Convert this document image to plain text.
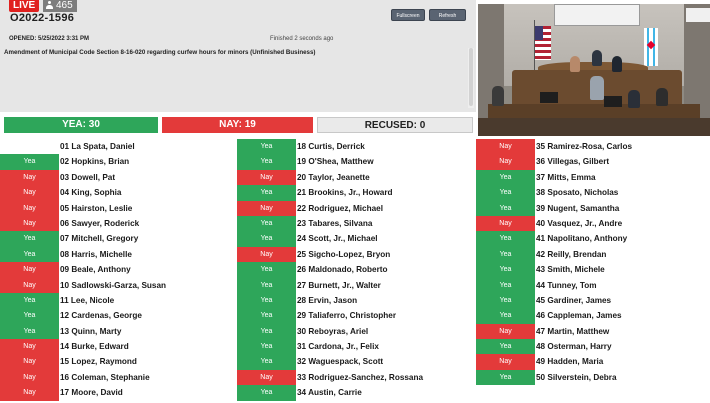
LIVE	465
O2022-1596
OPENED: 5/25/2022 3:31 PM	Finished 2 seconds ago
Fullscreen	Refresh
Amendment of Municipal Code Section 8-16-020 regarding curfew hours for minors (Unfinished Business)
YEA: 30	NAY: 19	RECUSED: 0
01 La Spata, Daniel
Yea	02 Hopkins, Brian
Nay	03 Dowell, Pat
Nay	04 King, Sophia
Nay	05 Hairston, Leslie
Nay	06 Sawyer, Roderick
Yea	07 Mitchell, Gregory
Yea	08 Harris, Michelle
Nay	09 Beale, Anthony
Nay	10 Sadlowski-Garza, Susan
Yea	11 Lee, Nicole
Yea	12 Cardenas, George
Yea	13 Quinn, Marty
Nay	14 Burke, Edward
Nay	15 Lopez, Raymond
Nay	16 Coleman, Stephanie
Nay	17 Moore, David
Yea	18 Curtis, Derrick
Yea	19 O'Shea, Matthew
Nay	20 Taylor, Jeanette
Yea	21 Brookins, Jr., Howard
Nay	22 Rodriguez, Michael
Yea	23 Tabares, Silvana
Yea	24 Scott, Jr., Michael
Nay	25 Sigcho-Lopez, Bryon
Yea	26 Maldonado, Roberto
Yea	27 Burnett, Jr., Walter
Yea	28 Ervin, Jason
Yea	29 Taliaferro, Christopher
Yea	30 Reboyras, Ariel
Yea	31 Cardona, Jr., Felix
Yea	32 Waguespack, Scott
Nay	33 Rodriguez-Sanchez, Rossana
Yea	34 Austin, Carrie
Nay	35 Ramirez-Rosa, Carlos
Nay	36 Villegas, Gilbert
Yea	37 Mitts, Emma
Yea	38 Sposato, Nicholas
Yea	39 Nugent, Samantha
Nay	40 Vasquez, Jr., Andre
Yea	41 Napolitano, Anthony
Yea	42 Reilly, Brendan
Yea	43 Smith, Michele
Yea	44 Tunney, Tom
Yea	45 Gardiner, James
Yea	46 Cappleman, James
Nay	47 Martin, Matthew
Yea	48 Osterman, Harry
Nay	49 Hadden, Maria
Yea	50 Silverstein, Debra
